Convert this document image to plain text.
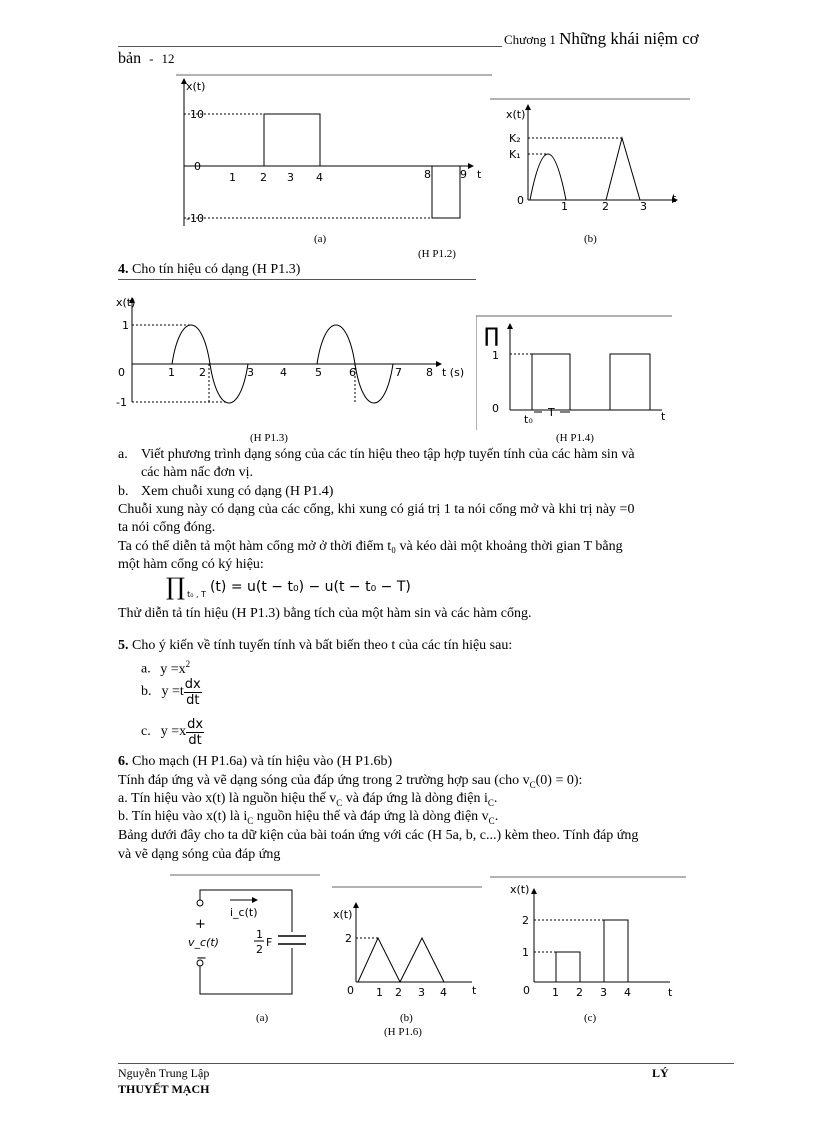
Chương 1 Những khái niệm cơ
bản - 12
x(t)
t
10
0
-10
1 2 3 4	8	9
x(t)
t
K₂
K₁
0	1	2	3
(a)	(b)
(H P1.2)
4. Cho tín hiệu có dạng (H P1.3)
x(t)
t (s)
1
0
-1
1 2	3 4	5 6	7 8
∏
1
0
t₀
T	t
(H P1.3)	(H P1.4)
a. Viết phương trình dạng sóng của các tín hiệu theo tập hợp tuyến tính của các hàm sin và
các hàm nấc đơn vị.
b. Xem chuỗi xung có dạng (H P1.4)
Chuỗi xung này có dạng của các cổng, khi xung có giá trị 1 ta nói cổng mở và khi trị này =0
ta nói cổng đóng.
Ta có thể diễn tả một hàm cổng mở ở thời điểm t₀ và kéo dài một khoảng thời gian T bằng
một hàm cổng có ký hiệu:
∏ $_{t_0 , T}$ (t) = u(t − t₀) − u(t − t₀ − T)
Thử diễn tả tín hiệu (H P1.3) bằng tích của một hàm sin và các hàm cổng.
5. Cho ý kiến về tính tuyến tính và bất biến theo t của các tín hiệu sau:
a. $y =x^2$
b. $y =t \frac{dx}{dt}$
c. $y =x \frac{dx}{dt}$
6. Cho mạch (H P1.6a) và tín hiệu vào (H P1.6b)
Tính đáp ứng và vẽ dạng sóng của đáp ứng trong 2 trường hợp sau (cho $v_C(0) = 0$):
a. Tín hiệu vào x(t) là nguồn hiệu thế $v_C$ và đáp ứng là dòng điện $i_C$.
b. Tín hiệu vào x(t) là $i_C$ nguồn hiệu thế và đáp ứng là dòng điện $v_C$.
Bảng dưới đây cho ta dữ kiện của bài toán ứng với các (H 5a, b, c...) kèm theo. Tính đáp ứng
và vẽ dạng sóng của đáp ứng
i_c(t)
+
v_c(t)
−
1
2
F
x(t)
2
0 1 2 3 4 t
x(t)
2
1
0 1 2 3 4	t
(a)	(b)	(c)
(H P1.6)
Nguyễn Trung Lập
THUYẾT MẠCH
LÝ
